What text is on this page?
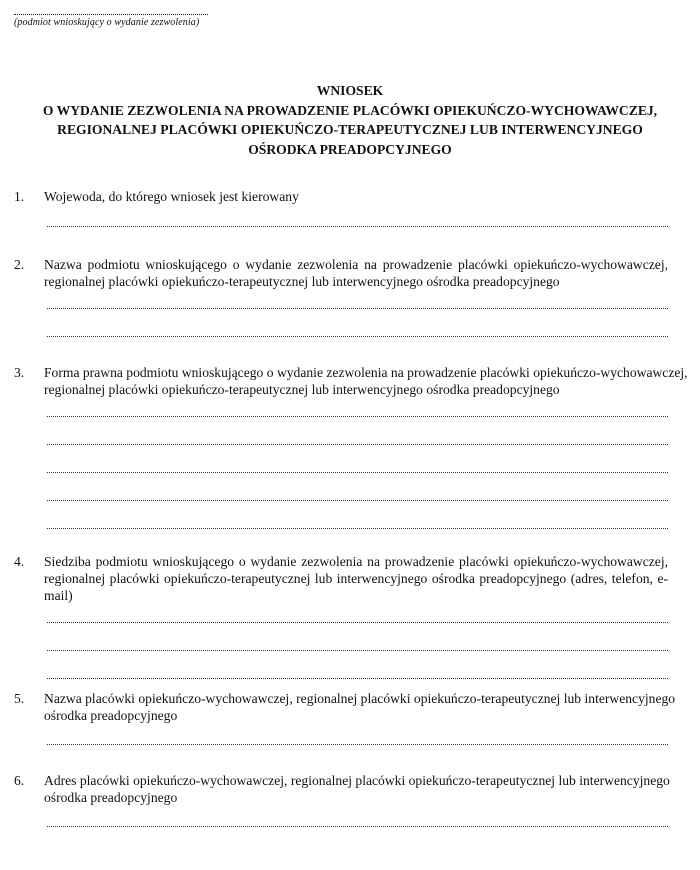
(podmiot wnioskujący o wydanie zezwolenia)
WNIOSEK
O WYDANIE ZEZWOLENIA NA PROWADZENIE PLACÓWKI OPIEKUŃCZO-WYCHOWAWCZEJ,
REGIONALNEJ PLACÓWKI OPIEKUŃCZO-TERAPEUTYCZNEJ LUB INTERWENCYJNEGO
OŚRODKA PREADOPCYJNEGO
1. Wojewoda, do którego wniosek jest kierowany
2. Nazwa podmiotu wnioskującego o wydanie zezwolenia na prowadzenie placówki opiekuńczo-wychowawczej,
regionalnej placówki opiekuńczo-terapeutycznej lub interwencyjnego ośrodka preadopcyjnego
3. Forma prawna podmiotu wnioskującego o wydanie zezwolenia na prowadzenie placówki opiekuńczo-wychowawczej,
regionalnej placówki opiekuńczo-terapeutycznej lub interwencyjnego ośrodka preadopcyjnego
4. Siedziba podmiotu wnioskującego o wydanie zezwolenia na prowadzenie placówki opiekuńczo-wychowawczej,
regionalnej placówki opiekuńczo-terapeutycznej lub interwencyjnego ośrodka preadopcyjnego (adres, telefon, e-mail)
5. Nazwa placówki opiekuńczo-wychowawczej, regionalnej placówki opiekuńczo-terapeutycznej lub interwencyjnego
ośrodka preadopcyjnego
6. Adres placówki opiekuńczo-wychowawczej, regionalnej placówki opiekuńczo-terapeutycznej lub interwencyjnego
ośrodka preadopcyjnego
